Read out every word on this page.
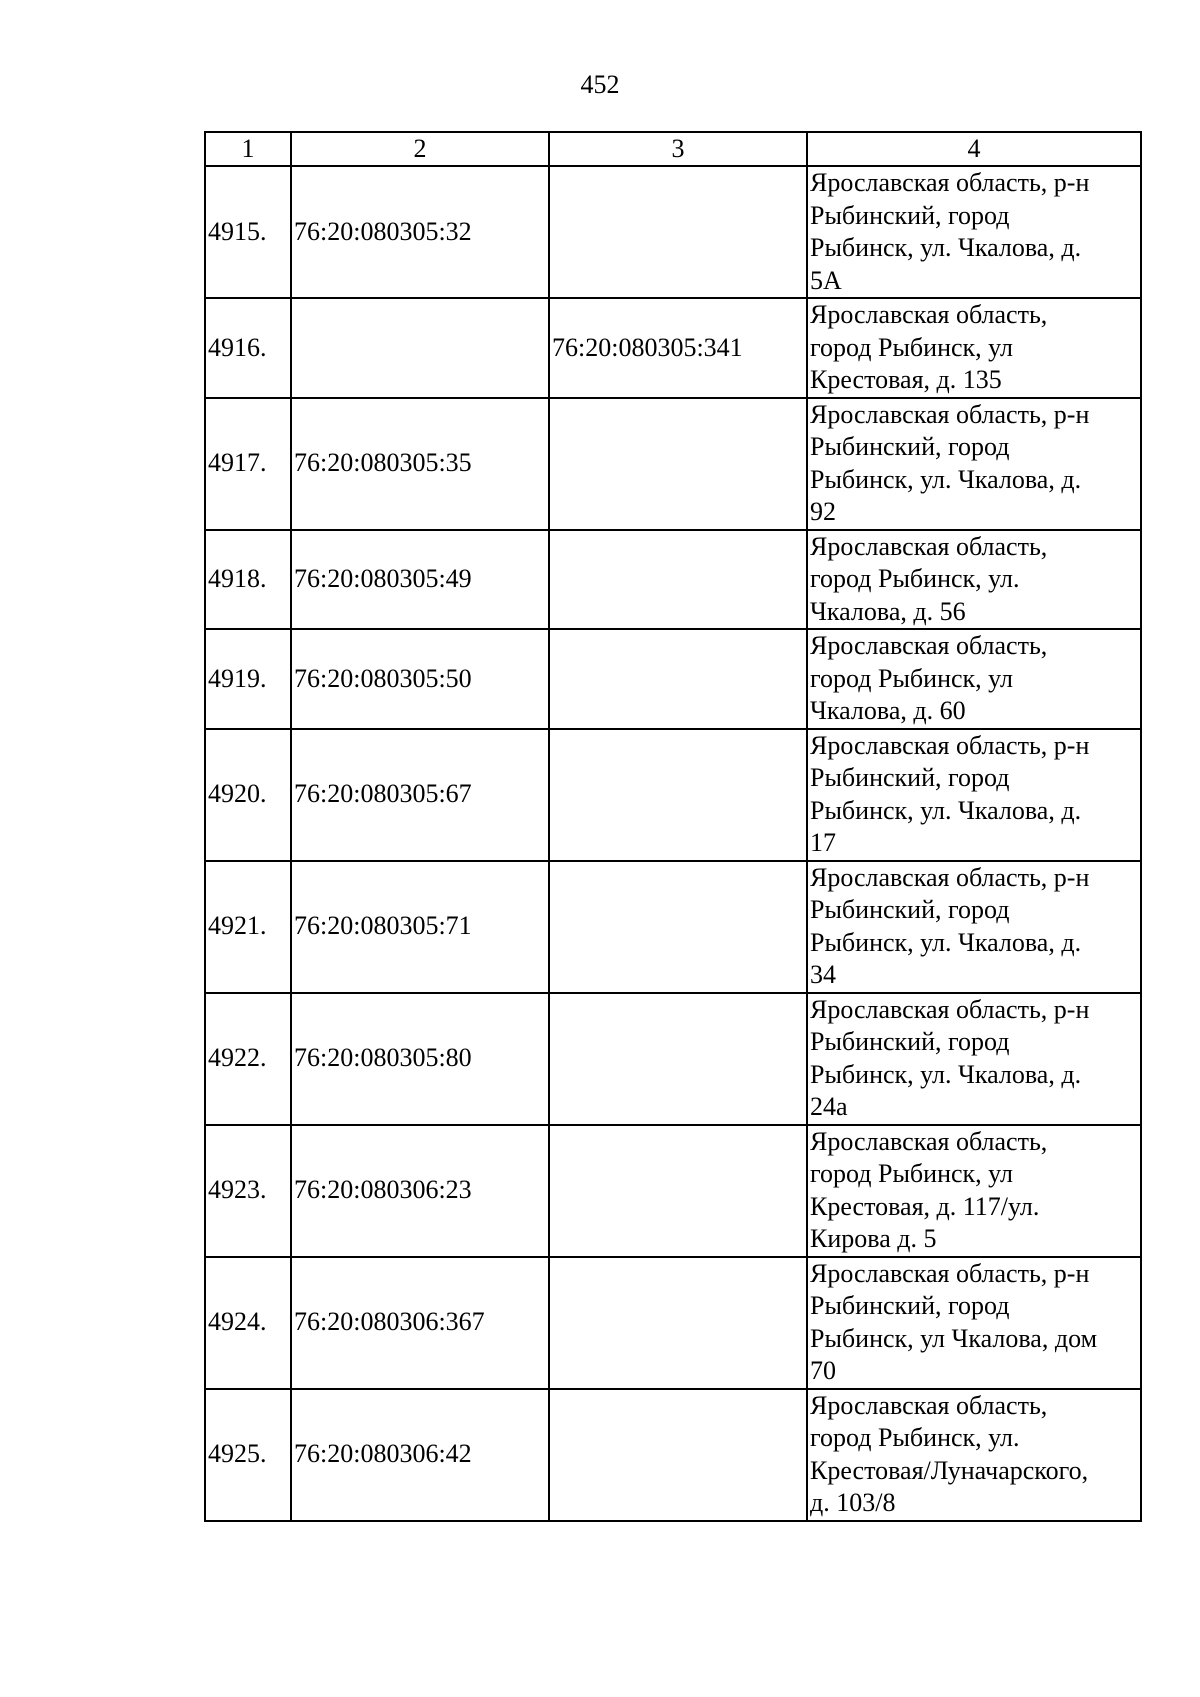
452
1	2	3	4
4915.	76:20:080305:32		Ярославская область, р-н
Рыбинский, город
Рыбинск, ул. Чкалова, д.
5А
4916.		76:20:080305:341	Ярославская область,
город Рыбинск, ул
Крестовая, д. 135
4917.	76:20:080305:35		Ярославская область, р-н
Рыбинский, город
Рыбинск, ул. Чкалова, д.
92
4918.	76:20:080305:49		Ярославская область,
город Рыбинск, ул.
Чкалова, д. 56
4919.	76:20:080305:50		Ярославская область,
город Рыбинск, ул
Чкалова, д. 60
4920.	76:20:080305:67		Ярославская область, р-н
Рыбинский, город
Рыбинск, ул. Чкалова, д.
17
4921.	76:20:080305:71		Ярославская область, р-н
Рыбинский, город
Рыбинск, ул. Чкалова, д.
34
4922.	76:20:080305:80		Ярославская область, р-н
Рыбинский, город
Рыбинск, ул. Чкалова, д.
24а
4923.	76:20:080306:23		Ярославская область,
город Рыбинск, ул
Крестовая, д. 117/ул.
Кирова д. 5
4924.	76:20:080306:367		Ярославская область, р-н
Рыбинский, город
Рыбинск, ул Чкалова, дом
70
4925.	76:20:080306:42		Ярославская область,
город Рыбинск, ул.
Крестовая/Луначарского,
д. 103/8
